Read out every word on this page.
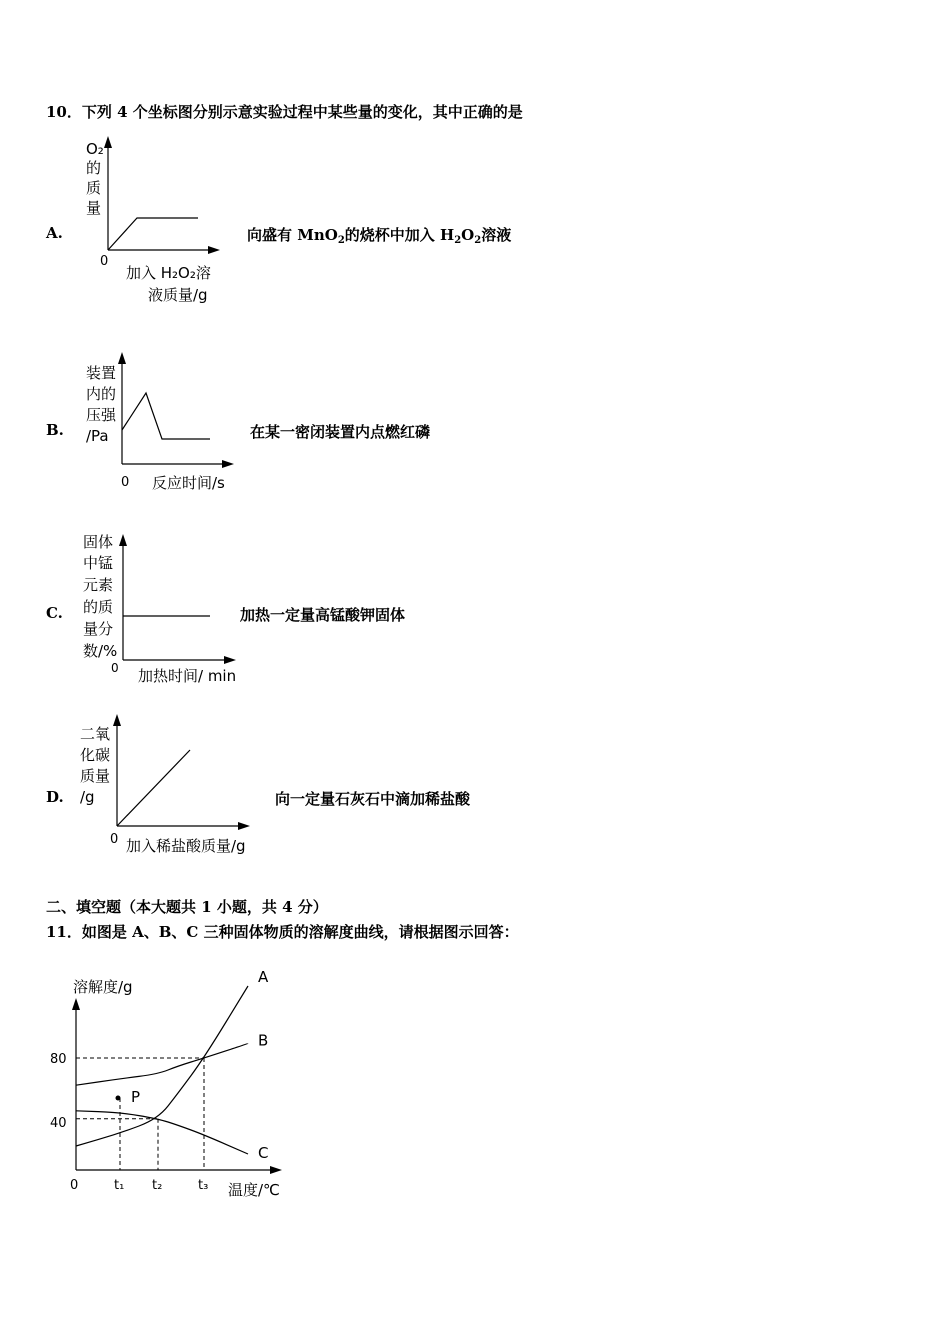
10．下列 4 个坐标图分别示意实验过程中某些量的变化，其中正确的是
A.	向盛有 MnO$_2$的烧杯中加入 $H_2O_2$溶液
O₂
的
质
量
0
加入 H₂O₂溶
液质量/g
B.	在某一密闭装置内点燃红磷
装置
内的
压强
/Pa
0 反应时间/s
C.	加热一定量高锰酸钾固体
固体
中锰
元素
的质
量分
数/%
0 加热时间/ min
D.	向一定量石灰石中滴加稀盐酸
二氧
化碳
质量
/g
0 加入稀盐酸质量/g
二、填空题（本大题共 1 小题，共 4 分）
11．如图是 A、B、C 三种固体物质的溶解度曲线，请根据图示回答：
溶解度/g
温度/℃
0
40
80
t₁ t₂	t₃
A
B
C
P
